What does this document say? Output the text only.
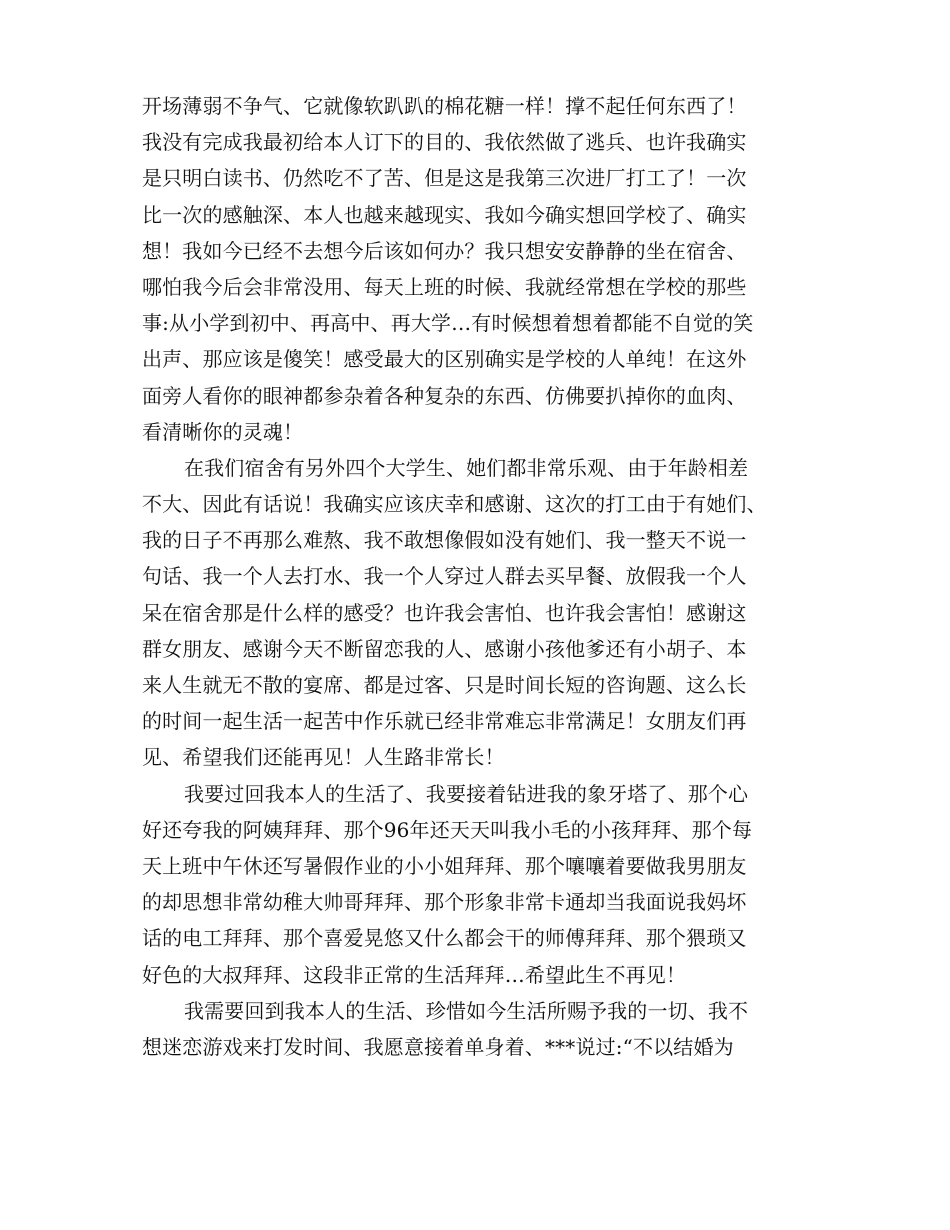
开场薄弱不争气、它就像软趴趴的棉花糖一样！撑不起任何东西了！
我没有完成我最初给本人订下的目的、我依然做了逃兵、也许我确实
是只明白读书、仍然吃不了苦、但是这是我第三次进厂打工了！一次
比一次的感触深、本人也越来越现实、我如今确实想回学校了、确实
想！我如今已经不去想今后该如何办？我只想安安静静的坐在宿舍、
哪怕我今后会非常没用、每天上班的时候、我就经常想在学校的那些
事:从小学到初中、再高中、再大学…有时候想着想着都能不自觉的笑
出声、那应该是傻笑！感受最大的区别确实是学校的人单纯！在这外
面旁人看你的眼神都参杂着各种复杂的东西、仿佛要扒掉你的血肉、
看清晰你的灵魂！
在我们宿舍有另外四个大学生、她们都非常乐观、由于年龄相差
不大、因此有话说！我确实应该庆幸和感谢、这次的打工由于有她们、
我的日子不再那么难熬、我不敢想像假如没有她们、我一整天不说一
句话、我一个人去打水、我一个人穿过人群去买早餐、放假我一个人
呆在宿舍那是什么样的感受？也许我会害怕、也许我会害怕！感谢这
群女朋友、感谢今天不断留恋我的人、感谢小孩他爹还有小胡子、本
来人生就无不散的宴席、都是过客、只是时间长短的咨询题、这么长
的时间一起生活一起苦中作乐就已经非常难忘非常满足！女朋友们再
见、希望我们还能再见！人生路非常长！
我要过回我本人的生活了、我要接着钻进我的象牙塔了、那个心
好还夸我的阿姨拜拜、那个96年还天天叫我小毛的小孩拜拜、那个每
天上班中午休还写暑假作业的小小姐拜拜、那个嚷嚷着要做我男朋友
的却思想非常幼稚大帅哥拜拜、那个形象非常卡通却当我面说我妈坏
话的电工拜拜、那个喜爱晃悠又什么都会干的师傅拜拜、那个猥琐又
好色的大叔拜拜、这段非正常的生活拜拜…希望此生不再见！
我需要回到我本人的生活、珍惜如今生活所赐予我的一切、我不
想迷恋游戏来打发时间、我愿意接着单身着、***说过:“不以结婚为
